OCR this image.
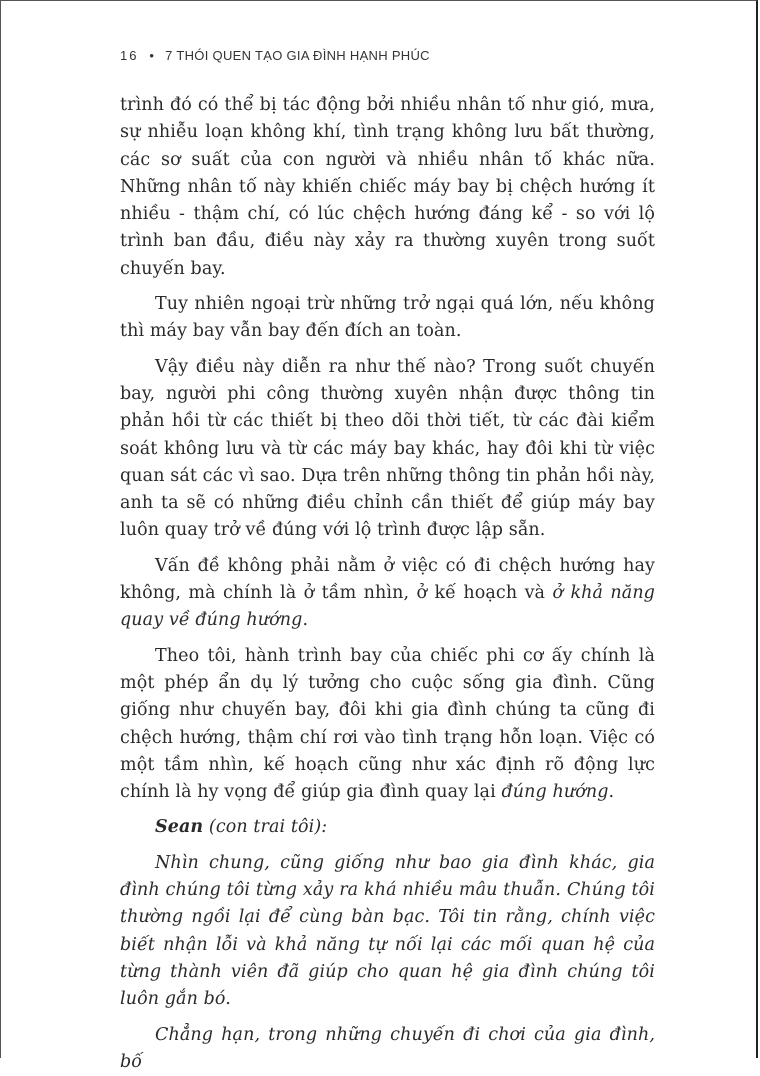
16 • 7 THÓI QUEN TẠO GIA ĐÌNH HẠNH PHÚC

trình đó có thể bị tác động bởi nhiều nhân tố như gió, mưa, sự nhiễu loạn không khí, tình trạng không lưu bất thường, các sơ suất của con người và nhiều nhân tố khác nữa. Những nhân tố này khiến chiếc máy bay bị chệch hướng ít nhiều - thậm chí, có lúc chệch hướng đáng kể - so với lộ trình ban đầu, điều này xảy ra thường xuyên trong suốt chuyến bay.

Tuy nhiên ngoại trừ những trở ngại quá lớn, nếu không thì máy bay vẫn bay đến đích an toàn.

Vậy điều này diễn ra như thế nào? Trong suốt chuyến bay, người phi công thường xuyên nhận được thông tin phản hồi từ các thiết bị theo dõi thời tiết, từ các đài kiểm soát không lưu và từ các máy bay khác, hay đôi khi từ việc quan sát các vì sao. Dựa trên những thông tin phản hồi này, anh ta sẽ có những điều chỉnh cần thiết để giúp máy bay luôn quay trở về đúng với lộ trình được lập sẵn.

Vấn đề không phải nằm ở việc có đi chệch hướng hay không, mà chính là ở tầm nhìn, ở kế hoạch và ở khả năng quay về đúng hướng.

Theo tôi, hành trình bay của chiếc phi cơ ấy chính là một phép ẩn dụ lý tưởng cho cuộc sống gia đình. Cũng giống như chuyến bay, đôi khi gia đình chúng ta cũng đi chệch hướng, thậm chí rơi vào tình trạng hỗn loạn. Việc có một tầm nhìn, kế hoạch cũng như xác định rõ động lực chính là hy vọng để giúp gia đình quay lại đúng hướng.

Sean (con trai tôi):

Nhìn chung, cũng giống như bao gia đình khác, gia đình chúng tôi từng xảy ra khá nhiều mâu thuẫn. Chúng tôi thường ngồi lại để cùng bàn bạc. Tôi tin rằng, chính việc biết nhận lỗi và khả năng tự nối lại các mối quan hệ của từng thành viên đã giúp cho quan hệ gia đình chúng tôi luôn gắn bó.

Chẳng hạn, trong những chuyến đi chơi của gia đình, bố
